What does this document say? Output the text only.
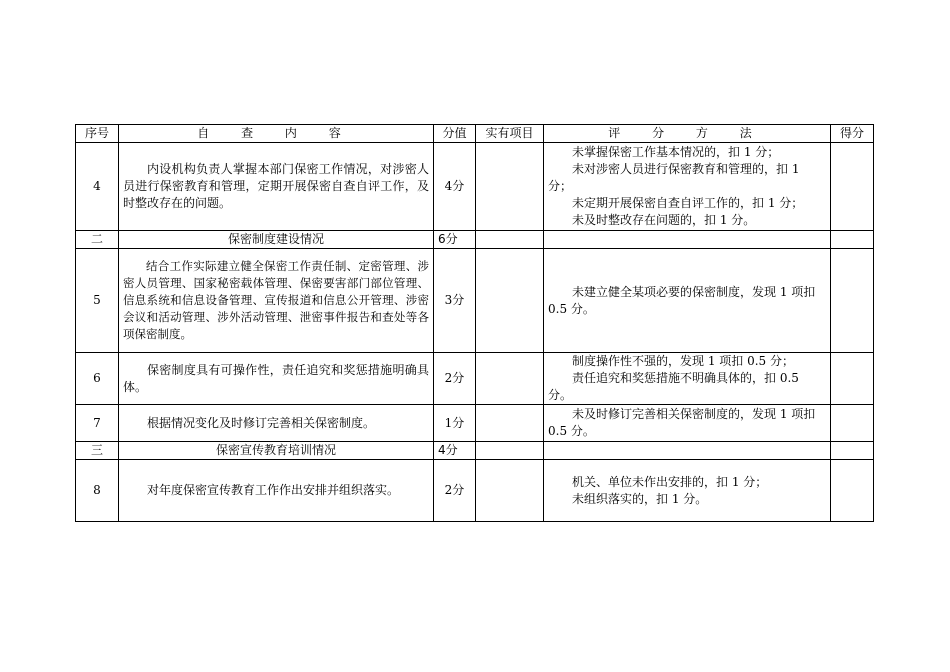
序号	自 查 内 容	分值	实有项目	评 分 方 法	得分
4	内设机构负责人掌握本部门保密工作情况，对涉密人员进行保密教育和管理，定期开展保密自查自评工作，及时整改存在的问题。	4分		未掌握保密工作基本情况的，扣 1 分；

未对涉密人员进行保密教育和管理的，扣 1 分；

未定期开展保密自查自评工作的，扣 1 分；

未及时整改存在问题的，扣 1 分。	

二	保密制度建设情况	6分			
5	结合工作实际建立健全保密工作责任制、定密管理、涉密人员管理、国家秘密载体管理、保密要害部门部位管理、信息系统和信息设备管理、宣传报道和信息公开管理、涉密会议和活动管理、涉外活动管理、泄密事件报告和查处等各项保密制度。	3分		未建立健全某项必要的保密制度，发现 1 项扣 0.5 分。	

6	保密制度具有可操作性，责任追究和奖惩措施明确具体。	2分		制度操作性不强的，发现 1 项扣 0.5 分；

责任追究和奖惩措施不明确具体的，扣 0.5 分。	

7	根据情况变化及时修订完善相关保密制度。	1分		未及时修订完善相关保密制度的，发现 1 项扣 0.5 分。	

三	保密宣传教育培训情况	4分			
8	对年度保密宣传教育工作作出安排并组织落实。	2分		机关、单位未作出安排的，扣 1 分；

未组织落实的，扣 1 分。	
